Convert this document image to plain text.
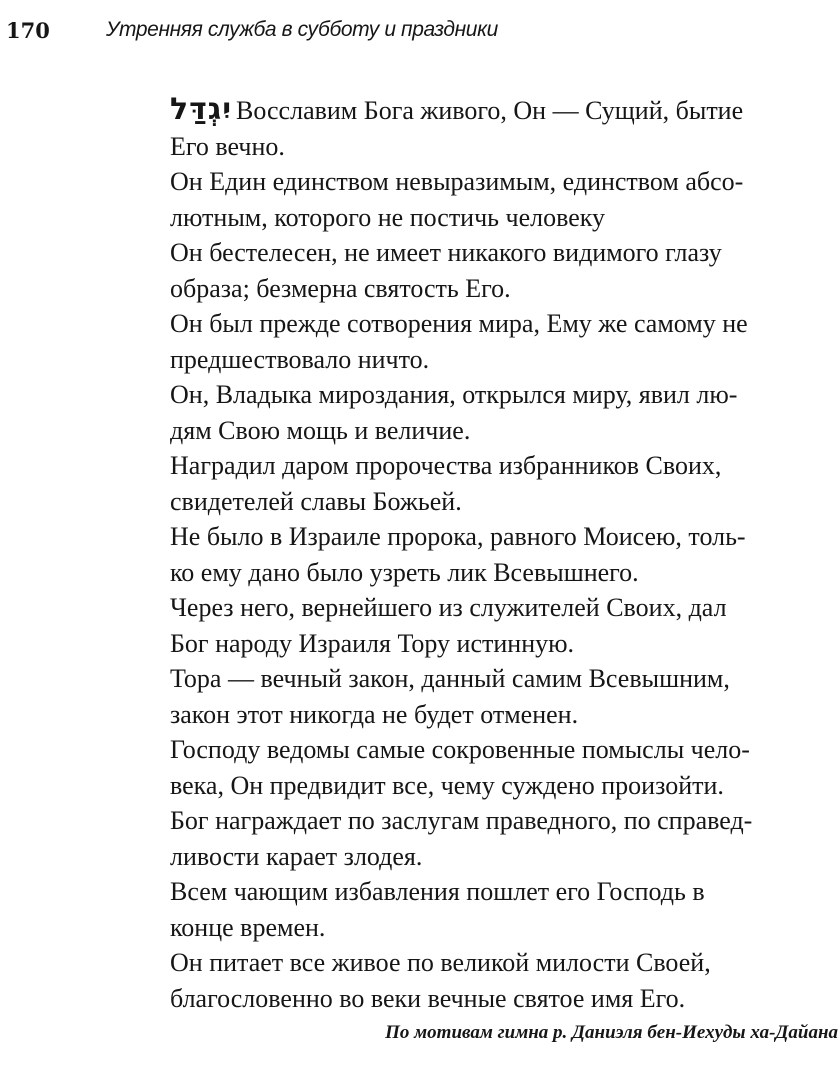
170	Утренняя служба в субботу и праздники

יִגְדַּל Восславим Бога живого, Он — Сущий, бытие
Его вечно.

Он Един единством невыразимым, единством абсо-
лютным, которого не постичь человеку

Он бестелесен, не имеет никакого видимого глазу
образа; безмерна святость Его.

Он был прежде сотворения мира, Ему же самому не
предшествовало ничто.

Он, Владыка мироздания, открылся миру, явил лю-
дям Свою мощь и величие.

Наградил даром пророчества избранников Своих,
свидетелей славы Божьей.

Не было в Израиле пророка, равного Моисею, толь-
ко ему дано было узреть лик Всевышнего.

Через него, вернейшего из служителей Своих, дал
Бог народу Израиля Тору истинную.

Тора — вечный закон, данный самим Всевышним,
закон этот никогда не будет отменен.

Господу ведомы самые сокровенные помыслы чело-
века, Он предвидит все, чему суждено произойти.

Бог награждает по заслугам праведного, по справед-
ливости карает злодея.

Всем чающим избавления пошлет его Господь в
конце времен.

Он питает все живое по великой милости Своей,
благословенно во веки вечные святое имя Его.

По мотивам гимна р. Даниэля бен-Иехуды ха-Дайана
